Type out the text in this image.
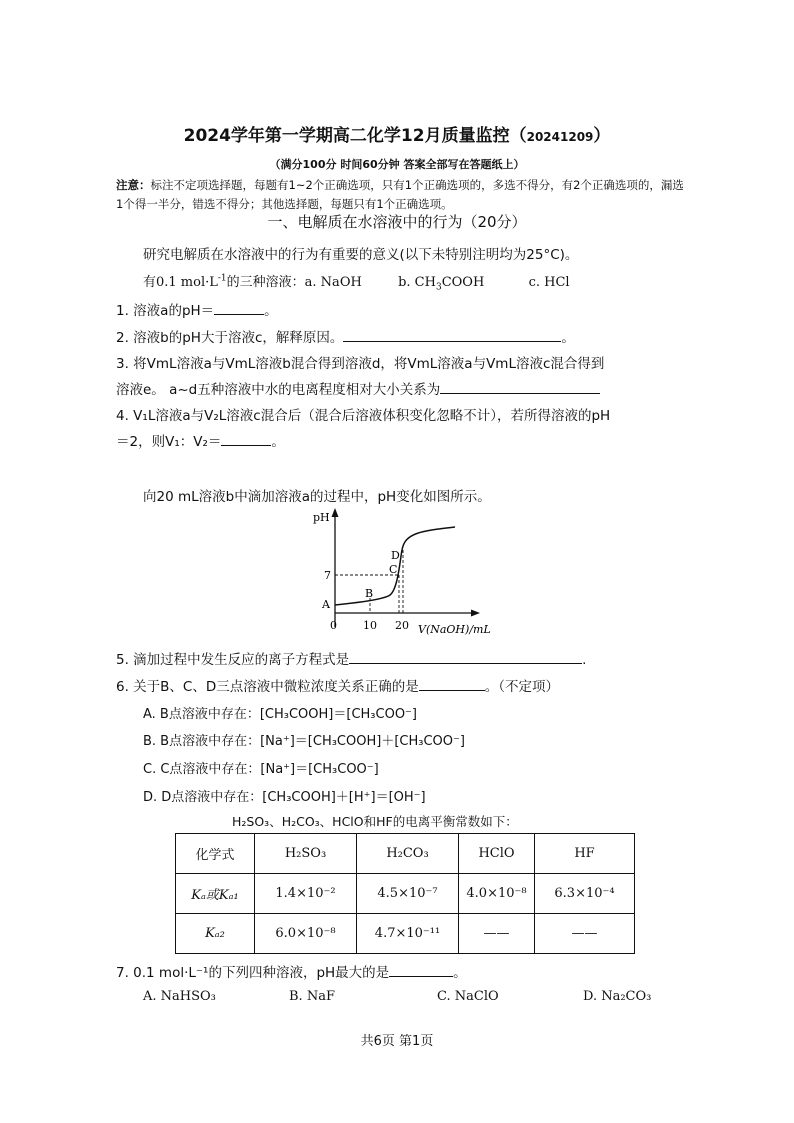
2024学年第一学期高二化学12月质量监控（20241209）
（满分100分 时间60分钟 答案全部写在答题纸上）
注意：标注不定项选择题，每题有1~2个正确选项，只有1个正确选项的，多选不得分，有2个正确选项的，漏选1个得一半分，错选不得分；其他选择题，每题只有1个正确选项。
一、电解质在水溶液中的行为（20分）
研究电解质在水溶液中的行为有重要的意义(以下未特别注明均为25°C)。
有0.1 $mol\cdot L^{-1}$的三种溶液：a. NaOH	b. $CH_3COOH$	c. HCl
1. 溶液a的pH＝	。
2. 溶液b的pH大于溶液c，解释原因。	。
3. 将VmL溶液a与VmL溶液b混合得到溶液d，将VmL溶液a与VmL溶液c混合得到
溶液e。 a~d五种溶液中水的电离程度相对大小关系为
4. V₁L溶液a与V₂L溶液c混合后（混合后溶液体积变化忽略不计），若所得溶液的pH
＝2，则V₁：V₂＝	。
向20 mL溶液b中滴加溶液a的过程中，pH变化如图所示。
pH
7
A
B
C
D
0 10 20 V(NaOH)/mL
5. 滴加过程中发生反应的离子方程式是	.
6. 关于B、C、D三点溶液中微粒浓度关系正确的是	。（不定项）
A. B点溶液中存在：[CH₃COOH]＝[CH₃COO⁻]
B. B点溶液中存在：[Na⁺]＝[CH₃COOH]＋[CH₃COO⁻]
C. C点溶液中存在：[Na⁺]＝[CH₃COO⁻]
D. D点溶液中存在：[CH₃COOH]＋[H⁺]＝[OH⁻]
H₂SO₃、H₂CO₃、HClO和HF的电离平衡常数如下：
化学式	H₂SO₃	H₂CO₃	HClO	HF
Kₐ或Kₐ₁	1.4×10⁻²	4.5×10⁻⁷	4.0×10⁻⁸	6.3×10⁻⁴
Kₐ₂	6.0×10⁻⁸	4.7×10⁻¹¹	——	——
7. 0.1 mol·L⁻¹的下列四种溶液，pH最大的是	。
A. NaHSO₃	B. NaF	C. NaClO	D. Na₂CO₃
共6页 第1页
